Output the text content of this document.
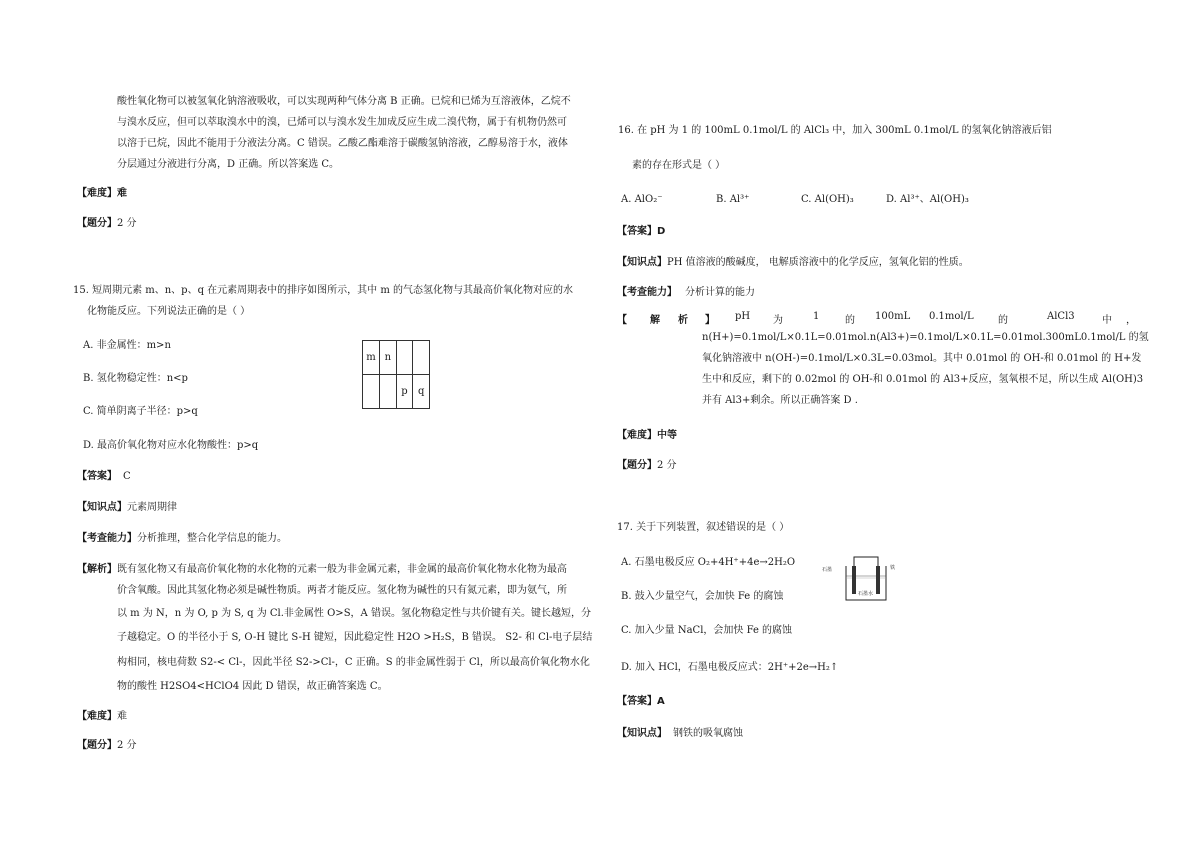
酸性氧化物可以被氢氧化钠溶液吸收，可以实现两种气体分离 B 正确。已烷和已烯为互溶液体，乙烷不
与溴水反应，但可以萃取溴水中的溴，已烯可以与溴水发生加成反应生成二溴代物，属于有机物仍然可
以溶于已烷，因此不能用于分液法分离。C 错误。乙酸乙酯难溶于碳酸氢钠溶液，乙醇易溶于水，液体
分层通过分液进行分离，D 正确。所以答案选 C。
【难度】难
【题分】2 分
15. 短周期元素 m、n、p、q 在元素周期表中的排序如图所示，其中 m 的气态氢化物与其最高价氧化物对应的水
化物能反应。下列说法正确的是（ ）
A. 非金属性：m>n
B. 氢化物稳定性：n<p
C. 简单阴离子半径：p>q
D. 最高价氧化物对应水化物酸性：p>q
m	n		
		p	q
【答案】 C
【知识点】元素周期律
【考查能力】分析推理，整合化学信息的能力。
【解析】既有氢化物又有最高价氧化物的水化物的元素一般为非金属元素，非金属的最高价氧化物水化物为最高
价含氧酸。因此其氢化物必须是碱性物质。两者才能反应。氢化物为碱性的只有氮元素，即为氨气，所
以 m 为 N，n 为 O, p 为 S, q 为 Cl.非金属性 O>S，A 错误。氢化物稳定性与共价键有关。键长越短，分
子越稳定。O 的半径小于 S, O-H 键比 S-H 键短，因此稳定性 H2O >H₂S，B 错误。 S2- 和 Cl-电子层结
构相同，核电荷数 S2-< Cl-，因此半径 S2->Cl-，C 正确。S 的非金属性弱于 Cl，所以最高价氧化物水化
物的酸性 H2SO4<HClO4 因此 D 错误，故正确答案选 C。
【难度】难
【题分】2 分
16. 在 pH 为 1 的 100mL 0.1mol/L 的 AlCl₃ 中，加入 300mL 0.1mol/L 的氢氧化钠溶液后铝
素的存在形式是（ ）
A. AlO₂⁻	B. Al³⁺	C. Al(OH)₃	D. Al³⁺、Al(OH)₃
【答案】D
【知识点】PH 值溶液的酸碱度， 电解质溶液中的化学反应，氢氧化铝的性质。
【考查能力】 分析计算的能力
【 解 析 】 pH 为	1	的 100mL 0.1mol/L 的	AlCl3	中 ，
n(H+)=0.1mol/L×0.1L=0.01mol.n(Al3+)=0.1mol/L×0.1L=0.01mol.300mL0.1mol/L 的氢
氧化钠溶液中 n(OH-)=0.1mol/L×0.3L=0.03mol。其中 0.01mol 的 OH-和 0.01mol 的 H+发
生中和反应，剩下的 0.02mol 的 OH-和 0.01mol 的 Al3+反应，氢氧根不足，所以生成 Al(OH)3
并有 Al3+剩余。所以正确答案 D .
【难度】中等
【题分】2 分
17. 关于下列装置，叙述错误的是（ ）
A. 石墨电极反应 O₂+4H⁺+4e→2H₂O
B. 鼓入少量空气，会加快 Fe 的腐蚀
C. 加入少量 NaCl，会加快 Fe 的腐蚀
D. 加入 HCl，石墨电极反应式：2H⁺+2e→H₂↑
石墨	铁
石墨水
【答案】A
【知识点】 钢铁的吸氧腐蚀
